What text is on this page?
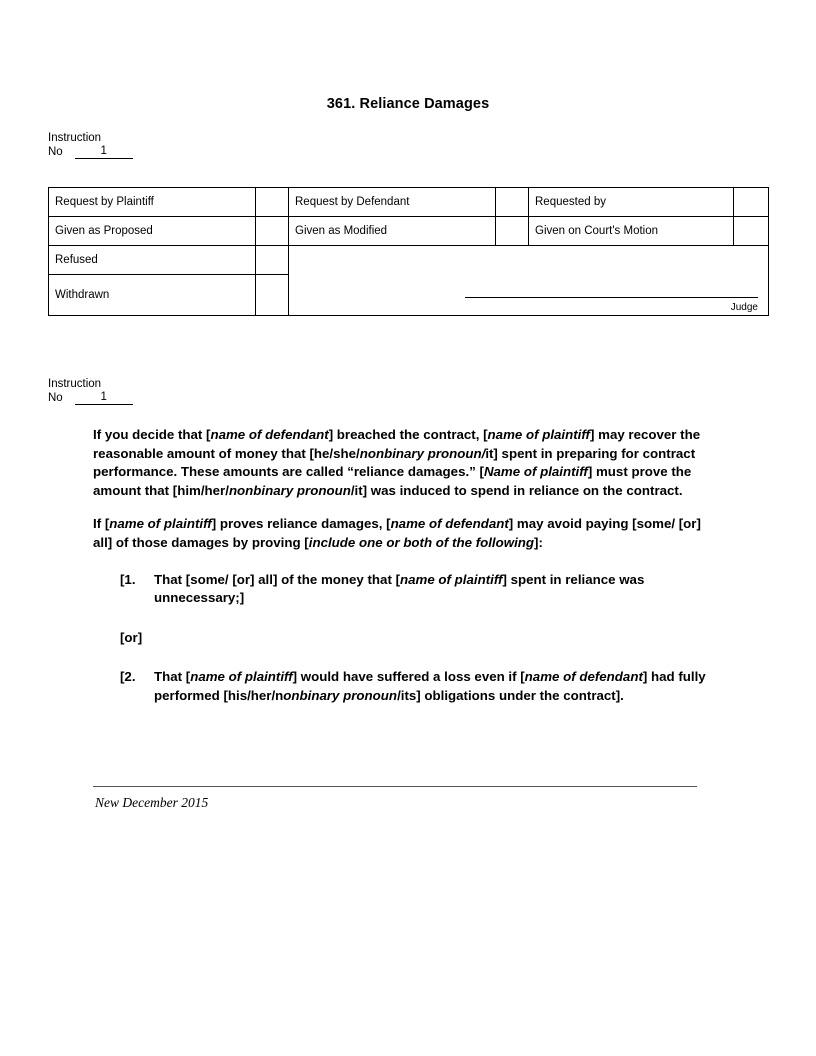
361. Reliance Damages
Instruction
No	1
Request by Plaintiff		Request by Defendant		Requested by	
Given as Proposed		Given as Modified		Given on Court's Motion	
Refused		Judge			

Withdrawn					
Instruction
No	1

If you decide that [name of defendant] breached the contract, [name of plaintiff] may recover the reasonable amount of money that [he/she/nonbinary pronoun/it] spent in preparing for contract performance. These amounts are called “reliance damages.” [Name of plaintiff] must prove the amount that [him/her/nonbinary pronoun/it] was induced to spend in reliance on the contract.

If [name of plaintiff] proves reliance damages, [name of defendant] may avoid paying [some/ [or] all] of those damages by proving [include one or both of the following]:

[1.	That [some/ [or] all] of the money that [name of plaintiff] spent in reliance was unnecessary;]
[or]
[2.	That [name of plaintiff] would have suffered a loss even if [name of defendant] had fully performed [his/her/nonbinary pronoun/its] obligations under the contract].
New December 2015
